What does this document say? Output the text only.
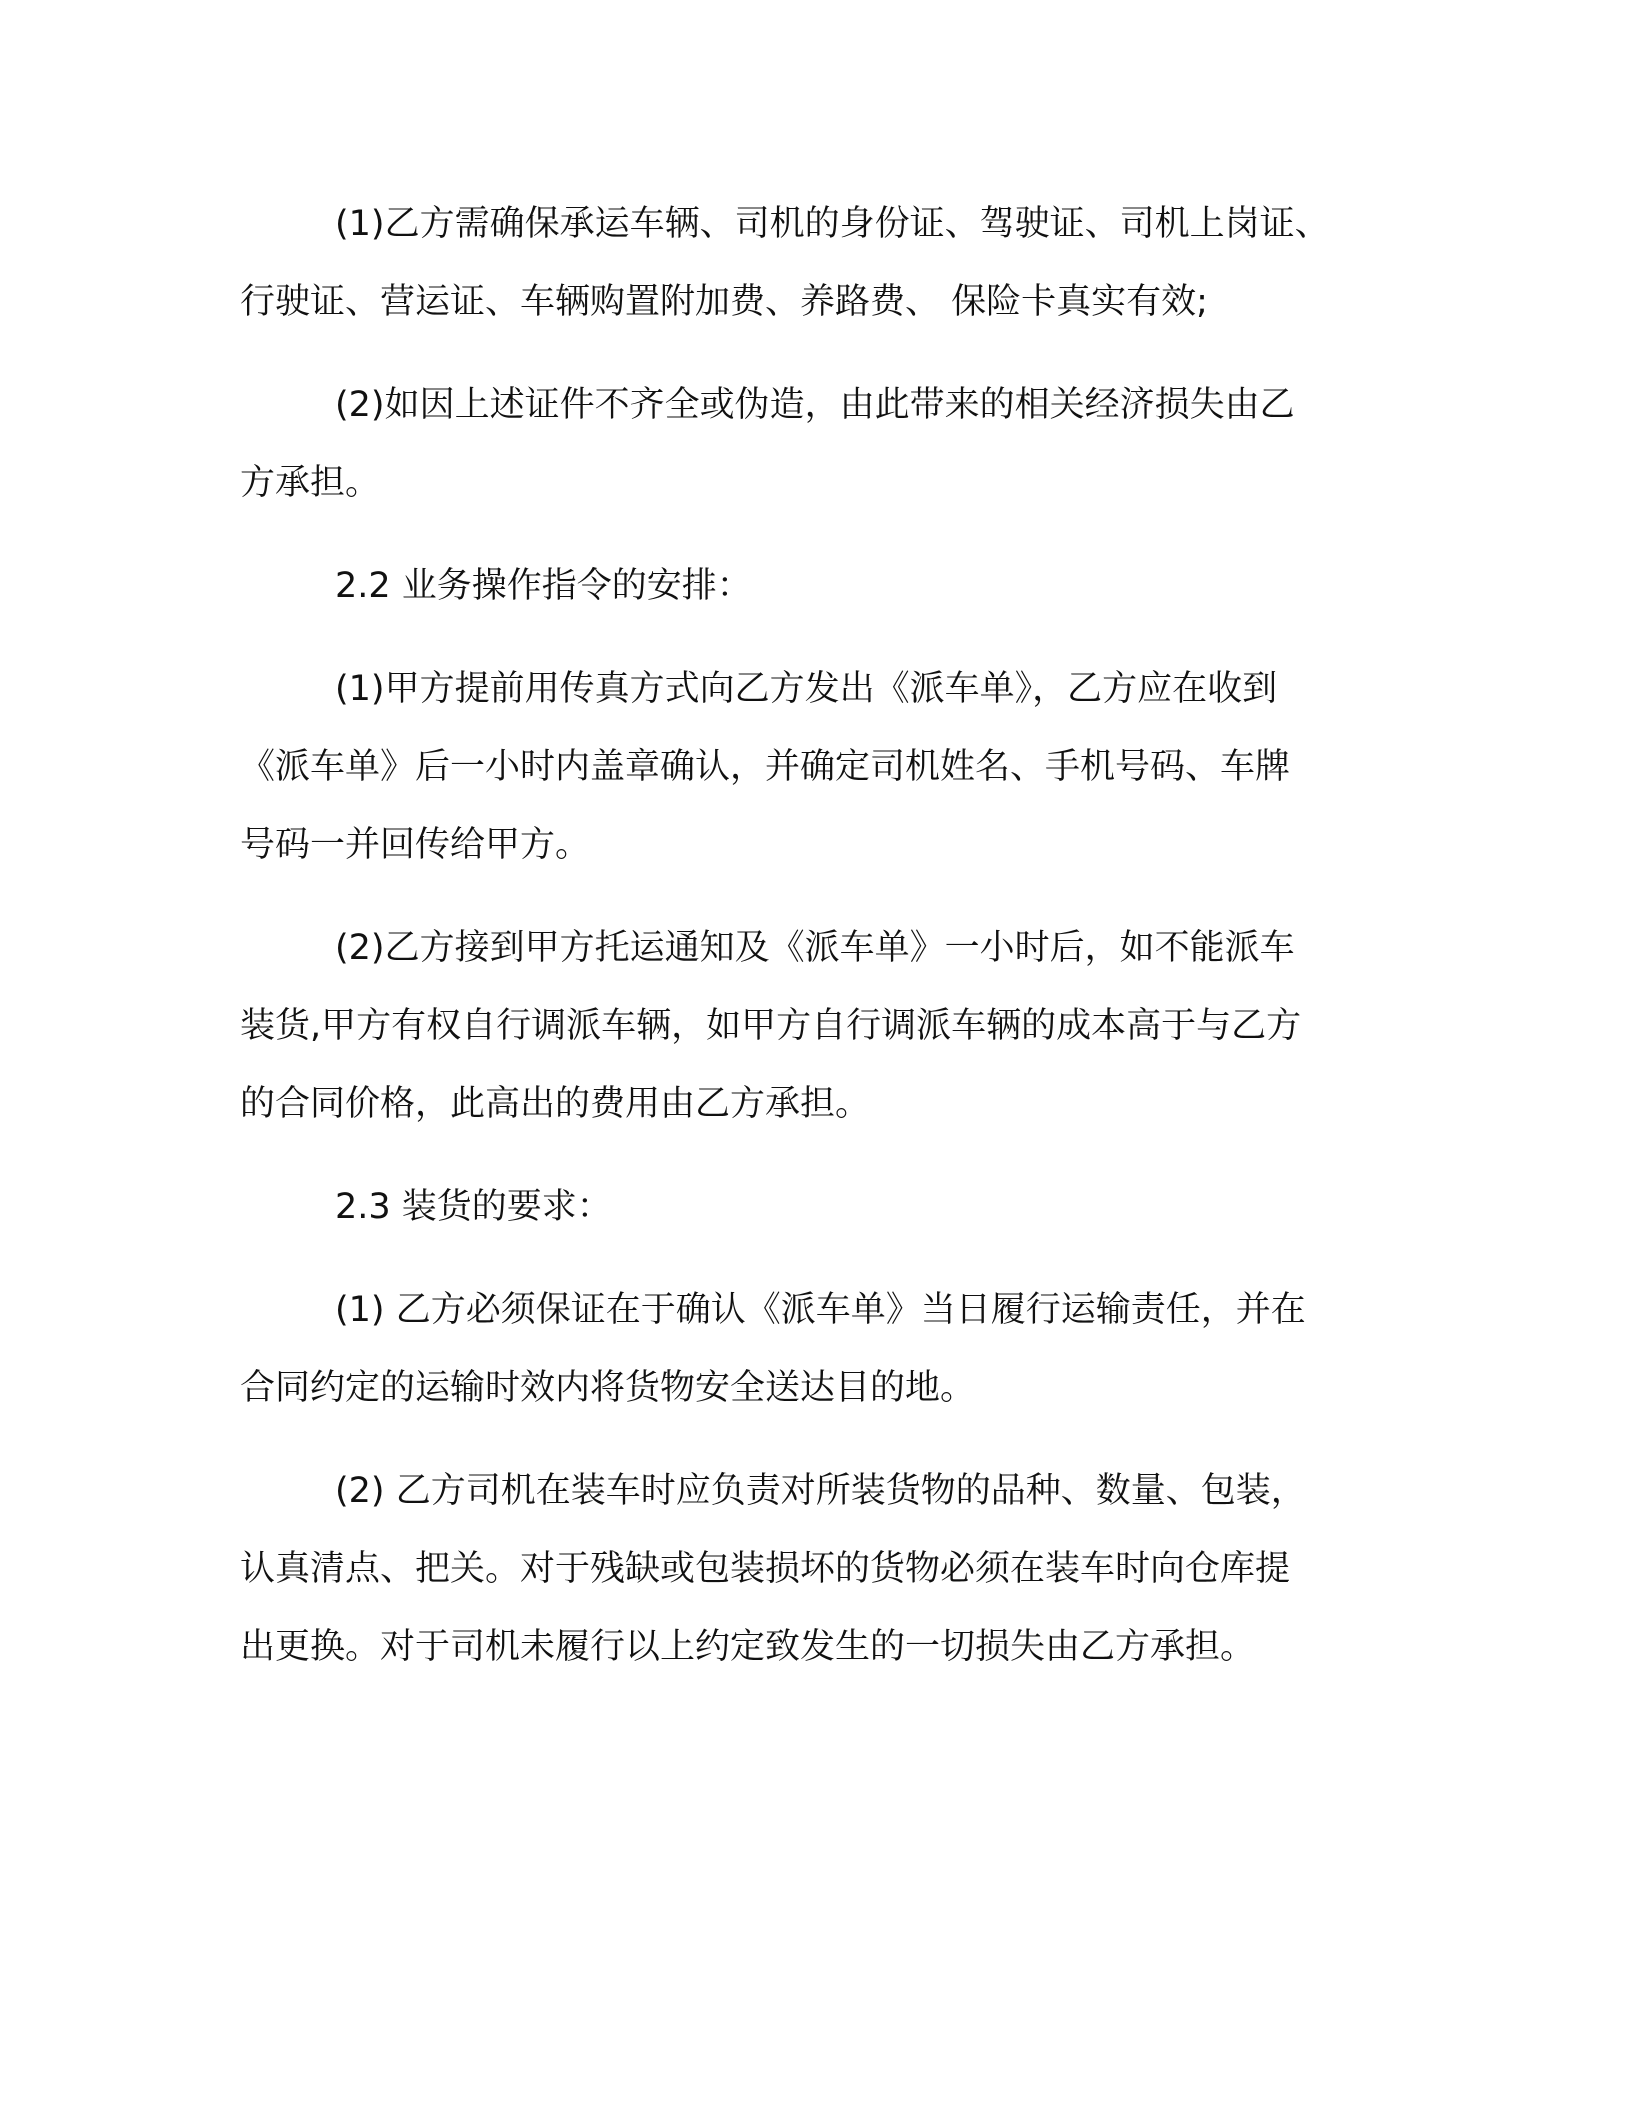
(1)乙方需确保承运车辆、司机的身份证、驾驶证、司机上岗证、
行驶证、营运证、车辆购置附加费、养路费、 保险卡真实有效;

(2)如因上述证件不齐全或伪造，由此带来的相关经济损失由乙
方承担。

2.2 业务操作指令的安排：

(1)甲方提前用传真方式向乙方发出《派车单》，乙方应在收到
《派车单》后一小时内盖章确认，并确定司机姓名、手机号码、车牌
号码一并回传给甲方。

(2)乙方接到甲方托运通知及《派车单》一小时后，如不能派车
装货,甲方有权自行调派车辆，如甲方自行调派车辆的成本高于与乙方
的合同价格，此高出的费用由乙方承担。

2.3 装货的要求：

(1) 乙方必须保证在于确认《派车单》当日履行运输责任，并在
合同约定的运输时效内将货物安全送达目的地。

(2) 乙方司机在装车时应负责对所装货物的品种、数量、包装，
认真清点、把关。对于残缺或包装损坏的货物必须在装车时向仓库提
出更换。对于司机未履行以上约定致发生的一切损失由乙方承担。
